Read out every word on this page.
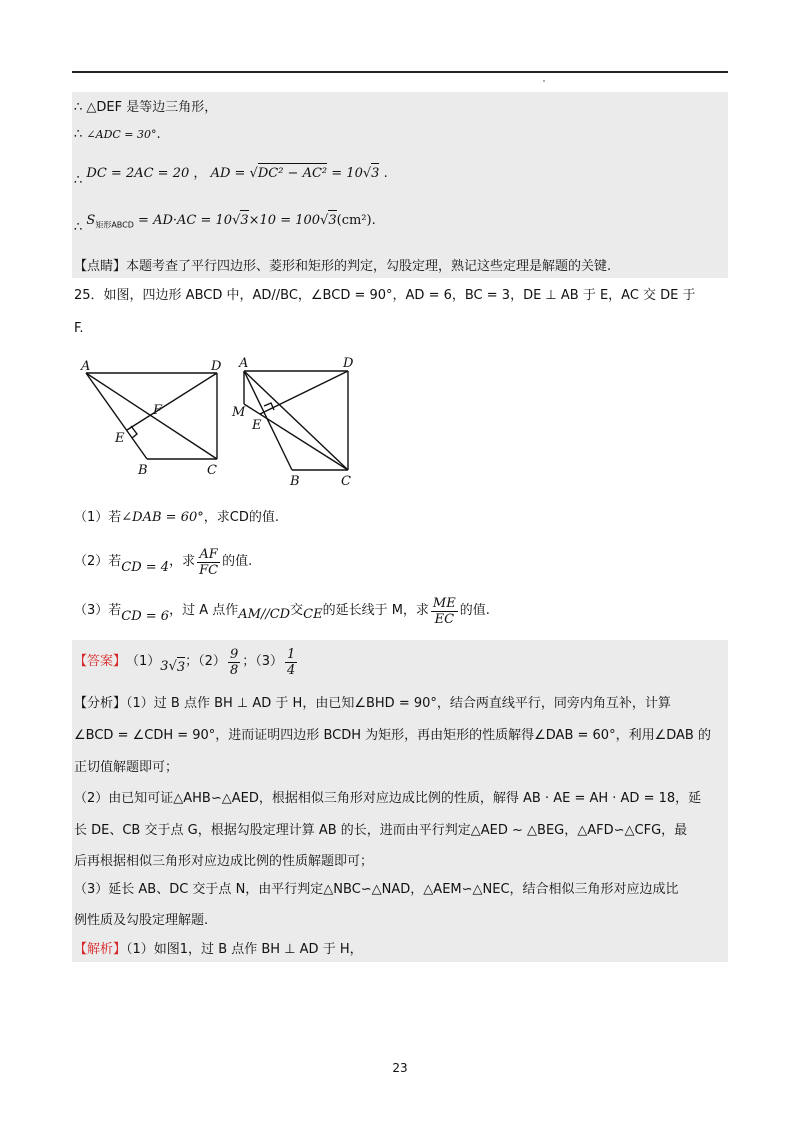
∴ △DEF 是等边三角形，
∴ ∠ADC = 30°.
∴ DC = 2AC = 20 ， AD = √DC² − AC² = 10√3 .
∴ $S_{矩形ABCD} = AD\cdot AC = 10√3\times 10 = 100√3(cm^2)$.
【点睛】本题考查了平行四边形、菱形和矩形的判定，勾股定理，熟记这些定理是解题的关键.
25．如图，四边形 ABCD 中，AD//BC，∠BCD = 90°，AD = 6，BC = 3，DE ⊥ AB 于 E，AC 交 DE 于
F.
A	D
F
E
B	C
A	D
M
E
B	C
（1）若∠DAB = 60°，求CD的值.
（2）若 CD = 4 ，求 $\frac{AF}{FC}$ 的值.
（3）若 CD = 6 ，过 A 点作 AM//CD 交 CE 的延长线于 M，求 $\frac{ME}{EC}$ 的值.
【答案】 （1） 3 √ 3 ；$(2) \frac{9}{8}$ ；$(3) \frac{1}{4}$
【分析】（1）过 B 点作 BH ⊥ AD 于 H，由已知∠BHD = 90°，结合两直线平行，同旁内角互补，计算
∠BCD = ∠CDH = 90°，进而证明四边形 BCDH 为矩形，再由矩形的性质解得∠DAB = 60°，利用∠DAB 的
正切值解题即可；
（2）由已知可证△AHB∽△AED，根据相似三角形对应边成比例的性质，解得 AB · AE = AH · AD = 18，延
长 DE、CB 交于点 G，根据勾股定理计算 AB 的长，进而由平行判定△AED ~ △BEG，△AFD∽△CFG，最
后再根据相似三角形对应边成比例的性质解题即可；
（3）延长 AB、DC 交于点 N，由平行判定△NBC∽△NAD，△AEM∽△NEC，结合相似三角形对应边成比
例性质及勾股定理解题.
【解析】（1）如图1，过 B 点作 BH ⊥ AD 于 H，
23
